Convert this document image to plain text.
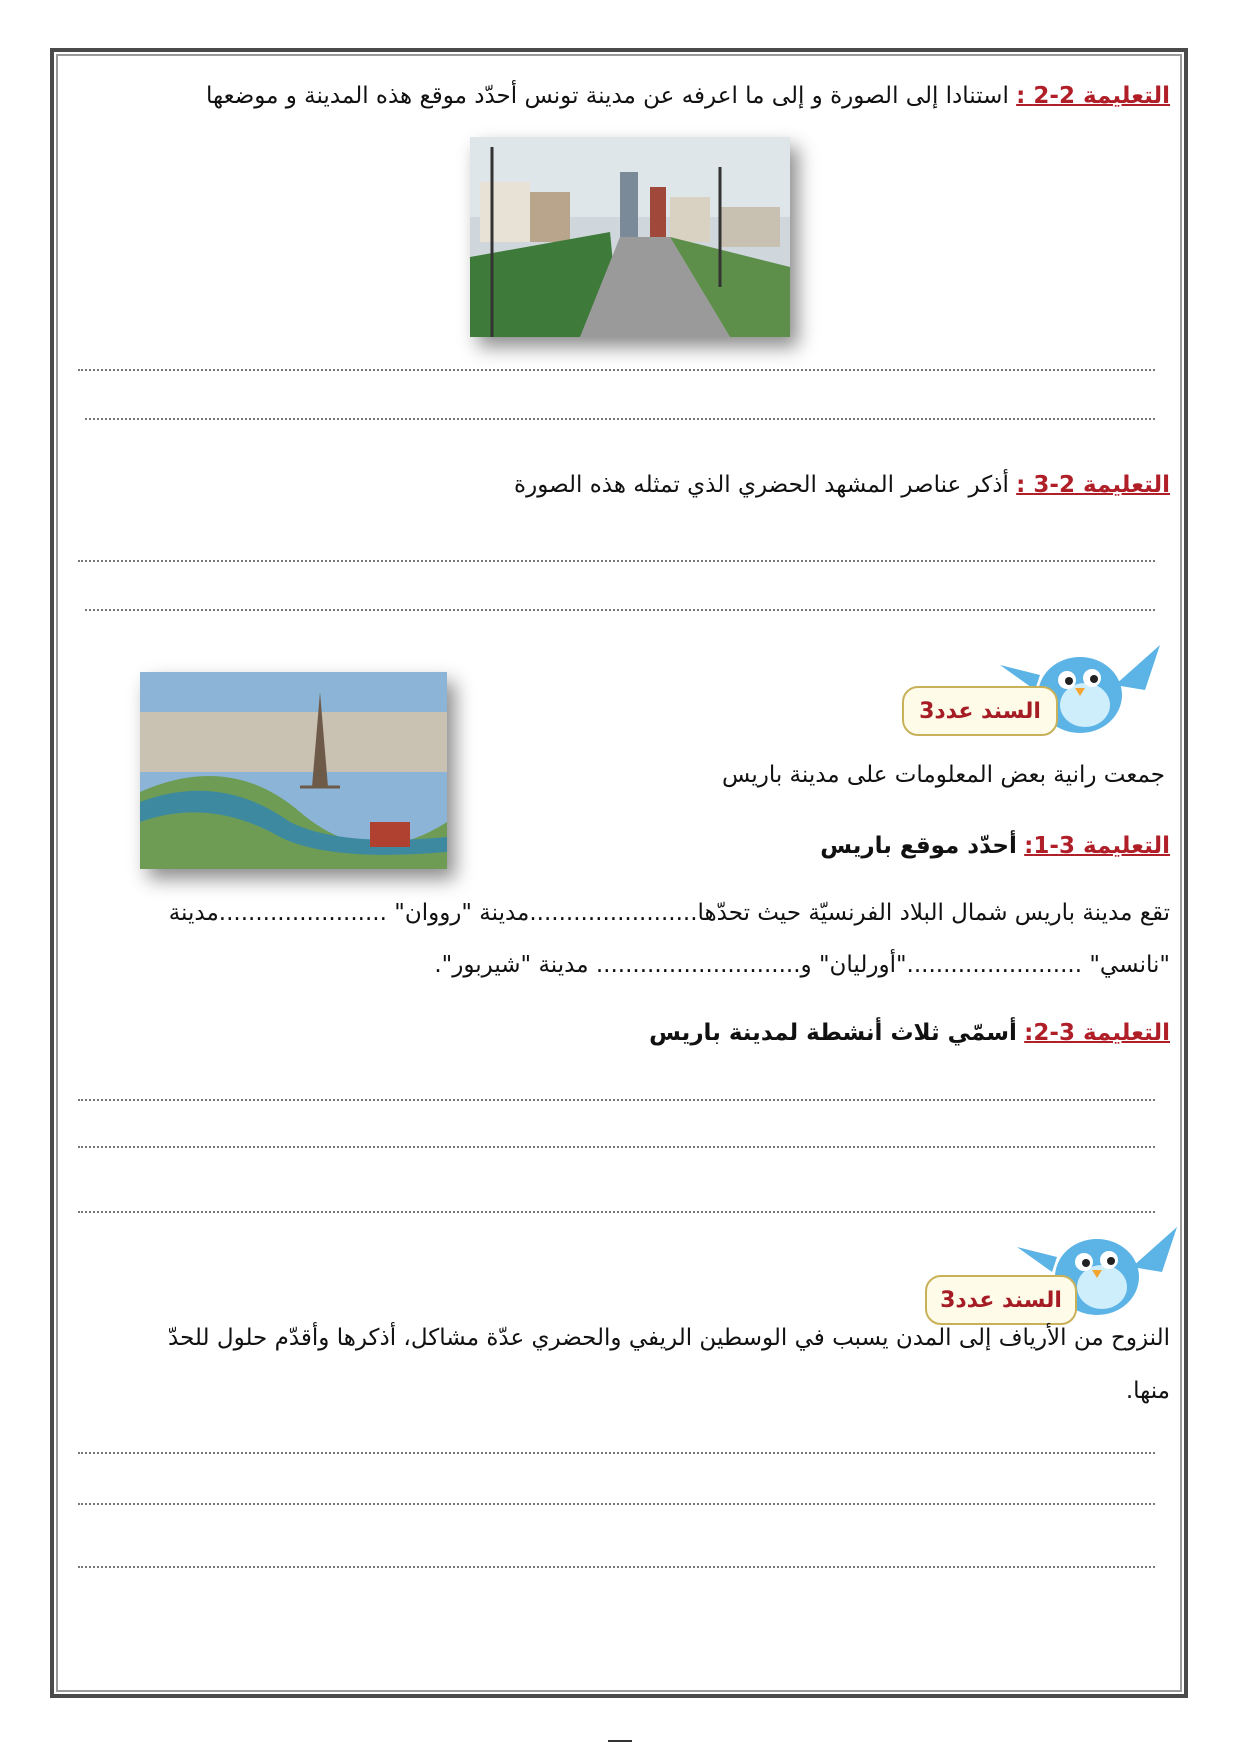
التعليمة 2-2 : استنادا إلى الصورة و إلى ما اعرفه عن مدينة تونس أحدّد موقع هذه المدينة و موضعها
التعليمة 2-3 : أذكر عناصر المشهد الحضري الذي تمثله هذه الصورة
السند عدد3
جمعت رانية بعض المعلومات على مدينة باريس
التعليمة 3-1: أحدّد موقع باريس
تقع مدينة باريس شمال البلاد الفرنسيّة حيث تحدّها.......................مدينة "رووان" .......................مدينة
"نانسي" ........................"أورليان" و............................ مدينة "شيربور".
التعليمة 3-2: أسمّي ثلاث أنشطة لمدينة باريس
السند عدد3
النزوح من الأرياف إلى المدن يسبب في الوسطين الريفي والحضري عدّة مشاكل، أذكرها وأقدّم حلول للحدّ
منها.
